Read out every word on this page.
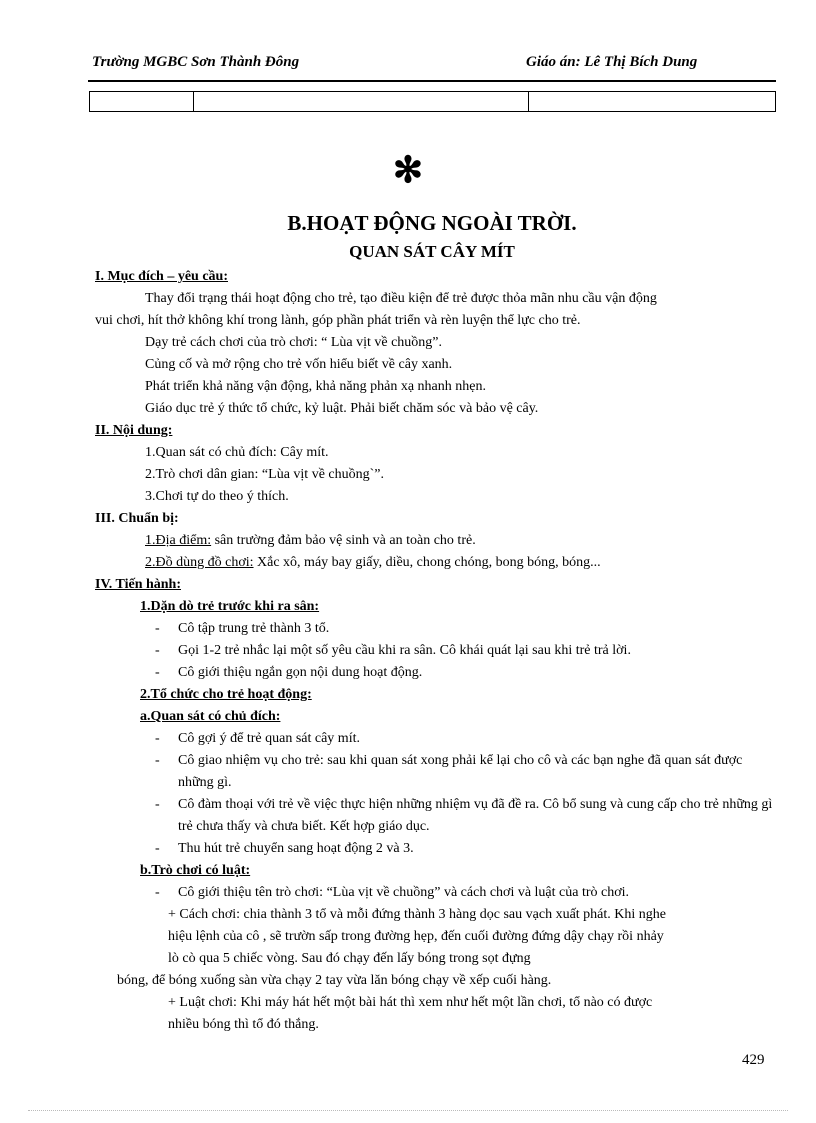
Trường MGBC Sơn Thành Đông	Giáo án: Lê Thị Bích Dung
✻
B.HOẠT ĐỘNG NGOÀI TRỜI.
QUAN SÁT CÂY MÍT

I. Mục đích – yêu cầu:

Thay đổi trạng thái hoạt động cho trẻ, tạo điều kiện để trẻ được thỏa mãn nhu cầu vận động

vui chơi, hít thở không khí trong lành, góp phần phát triển và rèn luyện thể lực cho trẻ.

Dạy trẻ cách chơi của trò chơi: “ Lùa vịt về chuồng”.

Củng cố và mở rộng cho trẻ vốn hiểu biết về cây xanh.

Phát triển khả năng vận động, khả năng phản xạ nhanh nhẹn.

Giáo dục trẻ ý thức tổ chức, kỷ luật. Phải biết chăm sóc và bảo vệ cây.

II. Nội dung:

1.Quan sát có chủ đích: Cây mít.

2.Trò chơi dân gian: “Lùa vịt về chuồng`”.

3.Chơi tự do theo ý thích.

III. Chuẩn bị:

1.Địa điểm: sân trường đảm bảo vệ sinh và an toàn cho trẻ.

2.Đồ dùng đồ chơi: Xắc xô, máy bay giấy, diều, chong chóng, bong bóng, bóng...

IV. Tiến hành:

1.Dặn dò trẻ trước khi ra sân:

- Cô tập trung trẻ thành 3 tổ.

- Gọi 1-2 trẻ nhắc lại một số yêu cầu khi ra sân. Cô khái quát lại sau khi trẻ trả lời.

- Cô giới thiệu ngắn gọn nội dung hoạt động.

2.Tổ chức cho trẻ hoạt động:

a.Quan sát có chủ đích:

- Cô gợi ý để trẻ quan sát cây mít.

- Cô giao nhiệm vụ cho trẻ: sau khi quan sát xong phải kể lại cho cô và các bạn nghe đã quan sát được những gì.

- Cô đàm thoại với trẻ về việc thực hiện những nhiệm vụ đã đề ra. Cô bổ sung và cung cấp cho trẻ những gì trẻ chưa thấy và chưa biết. Kết hợp giáo dục.

- Thu hút trẻ chuyển sang hoạt động 2 và 3.

b.Trò chơi có luật:

- Cô giới thiệu tên trò chơi: “Lùa vịt về chuồng” và cách chơi và luật của trò chơi.

+ Cách chơi: chia thành 3 tổ và mỗi đứng thành 3 hàng dọc sau vạch xuất phát. Khi nghe

hiệu lệnh của cô , sẽ trườn sấp trong đường hẹp, đến cuối đường đứng dậy chạy rồi nhảy

lò cò qua 5 chiếc vòng. Sau đó chạy đến lấy bóng trong sọt đựng

bóng, để bóng xuống sàn vừa chạy 2 tay vừa lăn bóng chạy về xếp cuối hàng.

+ Luật chơi: Khi máy hát hết một bài hát thì xem như hết một lần chơi, tổ nào có được

nhiều bóng thì tổ đó thắng.

429
